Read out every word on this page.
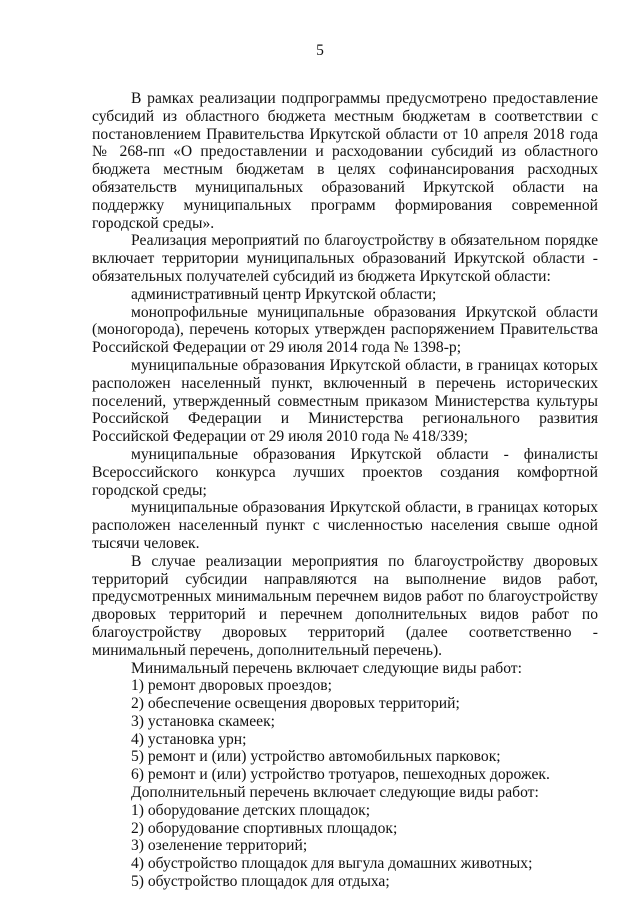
5

В рамках реализации подпрограммы предусмотрено предоставление субсидий из областного бюджета местным бюджетам в соответствии с постановлением Правительства Иркутской области от 10 апреля 2018 года № 268-пп «О предоставлении и расходовании субсидий из областного бюджета местным бюджетам в целях софинансирования расходных обязательств муниципальных образований Иркутской области на поддержку муниципальных программ формирования современной городской среды».

Реализация мероприятий по благоустройству в обязательном порядке включает территории муниципальных образований Иркутской области - обязательных получателей субсидий из бюджета Иркутской области:

административный центр Иркутской области;

монопрофильные муниципальные образования Иркутской области (моногорода), перечень которых утвержден распоряжением Правительства Российской Федерации от 29 июля 2014 года № 1398-р;

муниципальные образования Иркутской области, в границах которых расположен населенный пункт, включенный в перечень исторических поселений, утвержденный совместным приказом Министерства культуры Российской Федерации и Министерства регионального развития Российской Федерации от 29 июля 2010 года № 418/339;

муниципальные образования Иркутской области - финалисты Всероссийского конкурса лучших проектов создания комфортной городской среды;

муниципальные образования Иркутской области, в границах которых расположен населенный пункт с численностью населения свыше одной тысячи человек.

В случае реализации мероприятия по благоустройству дворовых территорий субсидии направляются на выполнение видов работ, предусмотренных минимальным перечнем видов работ по благоустройству дворовых территорий и перечнем дополнительных видов работ по благоустройству дворовых территорий (далее соответственно - минимальный перечень, дополнительный перечень).

Минимальный перечень включает следующие виды работ:

1) ремонт дворовых проездов;

2) обеспечение освещения дворовых территорий;

3) установка скамеек;

4) установка урн;

5) ремонт и (или) устройство автомобильных парковок;

6) ремонт и (или) устройство тротуаров, пешеходных дорожек.

Дополнительный перечень включает следующие виды работ:

1) оборудование детских площадок;

2) оборудование спортивных площадок;

3) озеленение территорий;

4) обустройство площадок для выгула домашних животных;

5) обустройство площадок для отдыха;
